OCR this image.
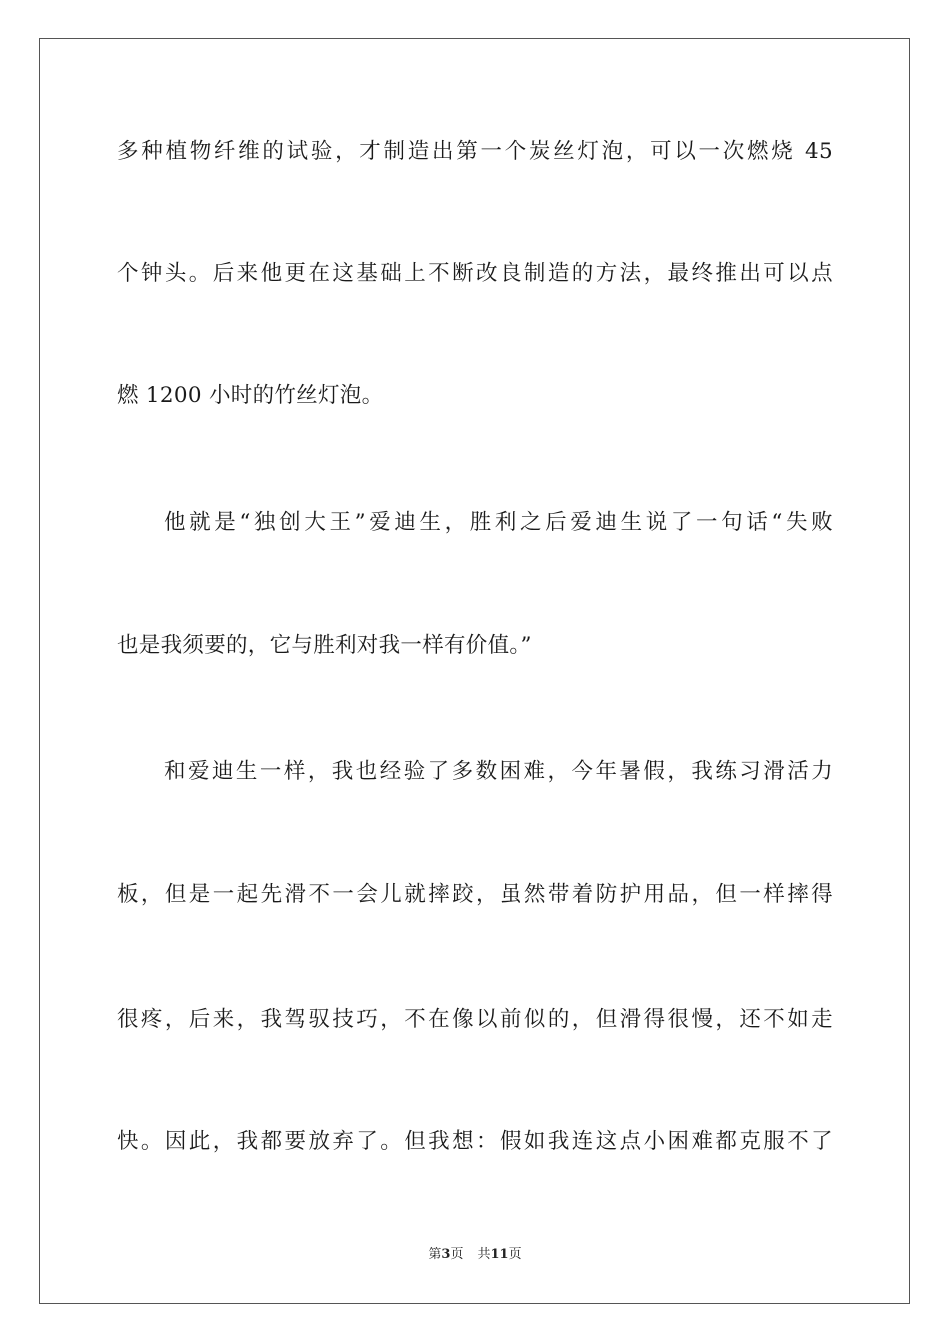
多种植物纤维的试验，才制造出第一个炭丝灯泡，可以一次燃烧 45
个钟头。后来他更在这基础上不断改良制造的方法，最终推出可以点
燃 1200 小时的竹丝灯泡。
他就是“独创大王”爱迪生，胜利之后爱迪生说了一句话“失败
也是我须要的，它与胜利对我一样有价值。”
和爱迪生一样，我也经验了多数困难，今年暑假，我练习滑活力
板，但是一起先滑不一会儿就摔跤，虽然带着防护用品，但一样摔得
很疼，后来，我驾驭技巧，不在像以前似的，但滑得很慢，还不如走
快。因此，我都要放弃了。但我想：假如我连这点小困难都克服不了
第3页 共11页
